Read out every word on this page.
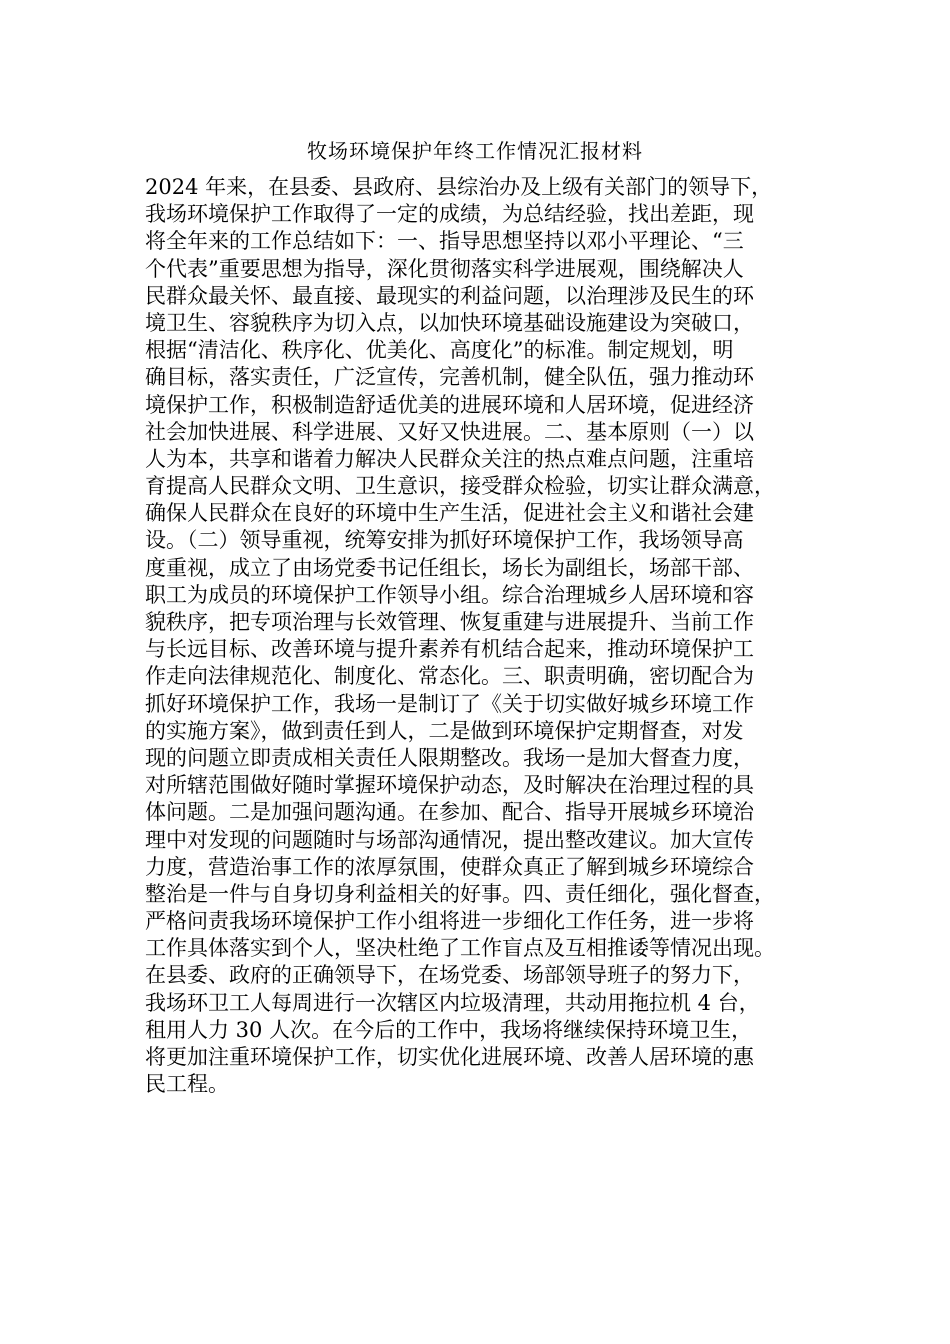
牧场环境保护年终工作情况汇报材料
2024 年来，在县委、县政府、县综治办及上级有关部门的领导下，
我场环境保护工作取得了一定的成绩，为总结经验，找出差距，现
将全年来的工作总结如下：一、指导思想坚持以邓小平理论、“三
个代表”重要思想为指导，深化贯彻落实科学进展观，围绕解决人
民群众最关怀、最直接、最现实的利益问题，以治理涉及民生的环
境卫生、容貌秩序为切入点，以加快环境基础设施建设为突破口，
根据“清洁化、秩序化、优美化、高度化”的标准。制定规划，明
确目标，落实责任，广泛宣传，完善机制，健全队伍，强力推动环
境保护工作，积极制造舒适优美的进展环境和人居环境，促进经济
社会加快进展、科学进展、又好又快进展。二、基本原则（一）以
人为本，共享和谐着力解决人民群众关注的热点难点问题，注重培
育提高人民群众文明、卫生意识，接受群众检验，切实让群众满意，
确保人民群众在良好的环境中生产生活，促进社会主义和谐社会建
设。（二）领导重视，统筹安排为抓好环境保护工作，我场领导高
度重视，成立了由场党委书记任组长，场长为副组长，场部干部、
职工为成员的环境保护工作领导小组。综合治理城乡人居环境和容
貌秩序，把专项治理与长效管理、恢复重建与进展提升、当前工作
与长远目标、改善环境与提升素养有机结合起来，推动环境保护工
作走向法律规范化、制度化、常态化。三、职责明确，密切配合为
抓好环境保护工作，我场一是制订了《关于切实做好城乡环境工作
的实施方案》，做到责任到人，二是做到环境保护定期督查，对发
现的问题立即责成相关责任人限期整改。我场一是加大督查力度，
对所辖范围做好随时掌握环境保护动态，及时解决在治理过程的具
体问题。二是加强问题沟通。在参加、配合、指导开展城乡环境治
理中对发现的问题随时与场部沟通情况，提出整改建议。加大宣传
力度，营造治事工作的浓厚氛围，使群众真正了解到城乡环境综合
整治是一件与自身切身利益相关的好事。四、责任细化，强化督查，
严格问责我场环境保护工作小组将进一步细化工作任务，进一步将
工作具体落实到个人，坚决杜绝了工作盲点及互相推诿等情况出现。
在县委、政府的正确领导下，在场党委、场部领导班子的努力下，
我场环卫工人每周进行一次辖区内垃圾清理，共动用拖拉机 4 台，
租用人力 30 人次。在今后的工作中，我场将继续保持环境卫生，
将更加注重环境保护工作，切实优化进展环境、改善人居环境的惠
民工程。
